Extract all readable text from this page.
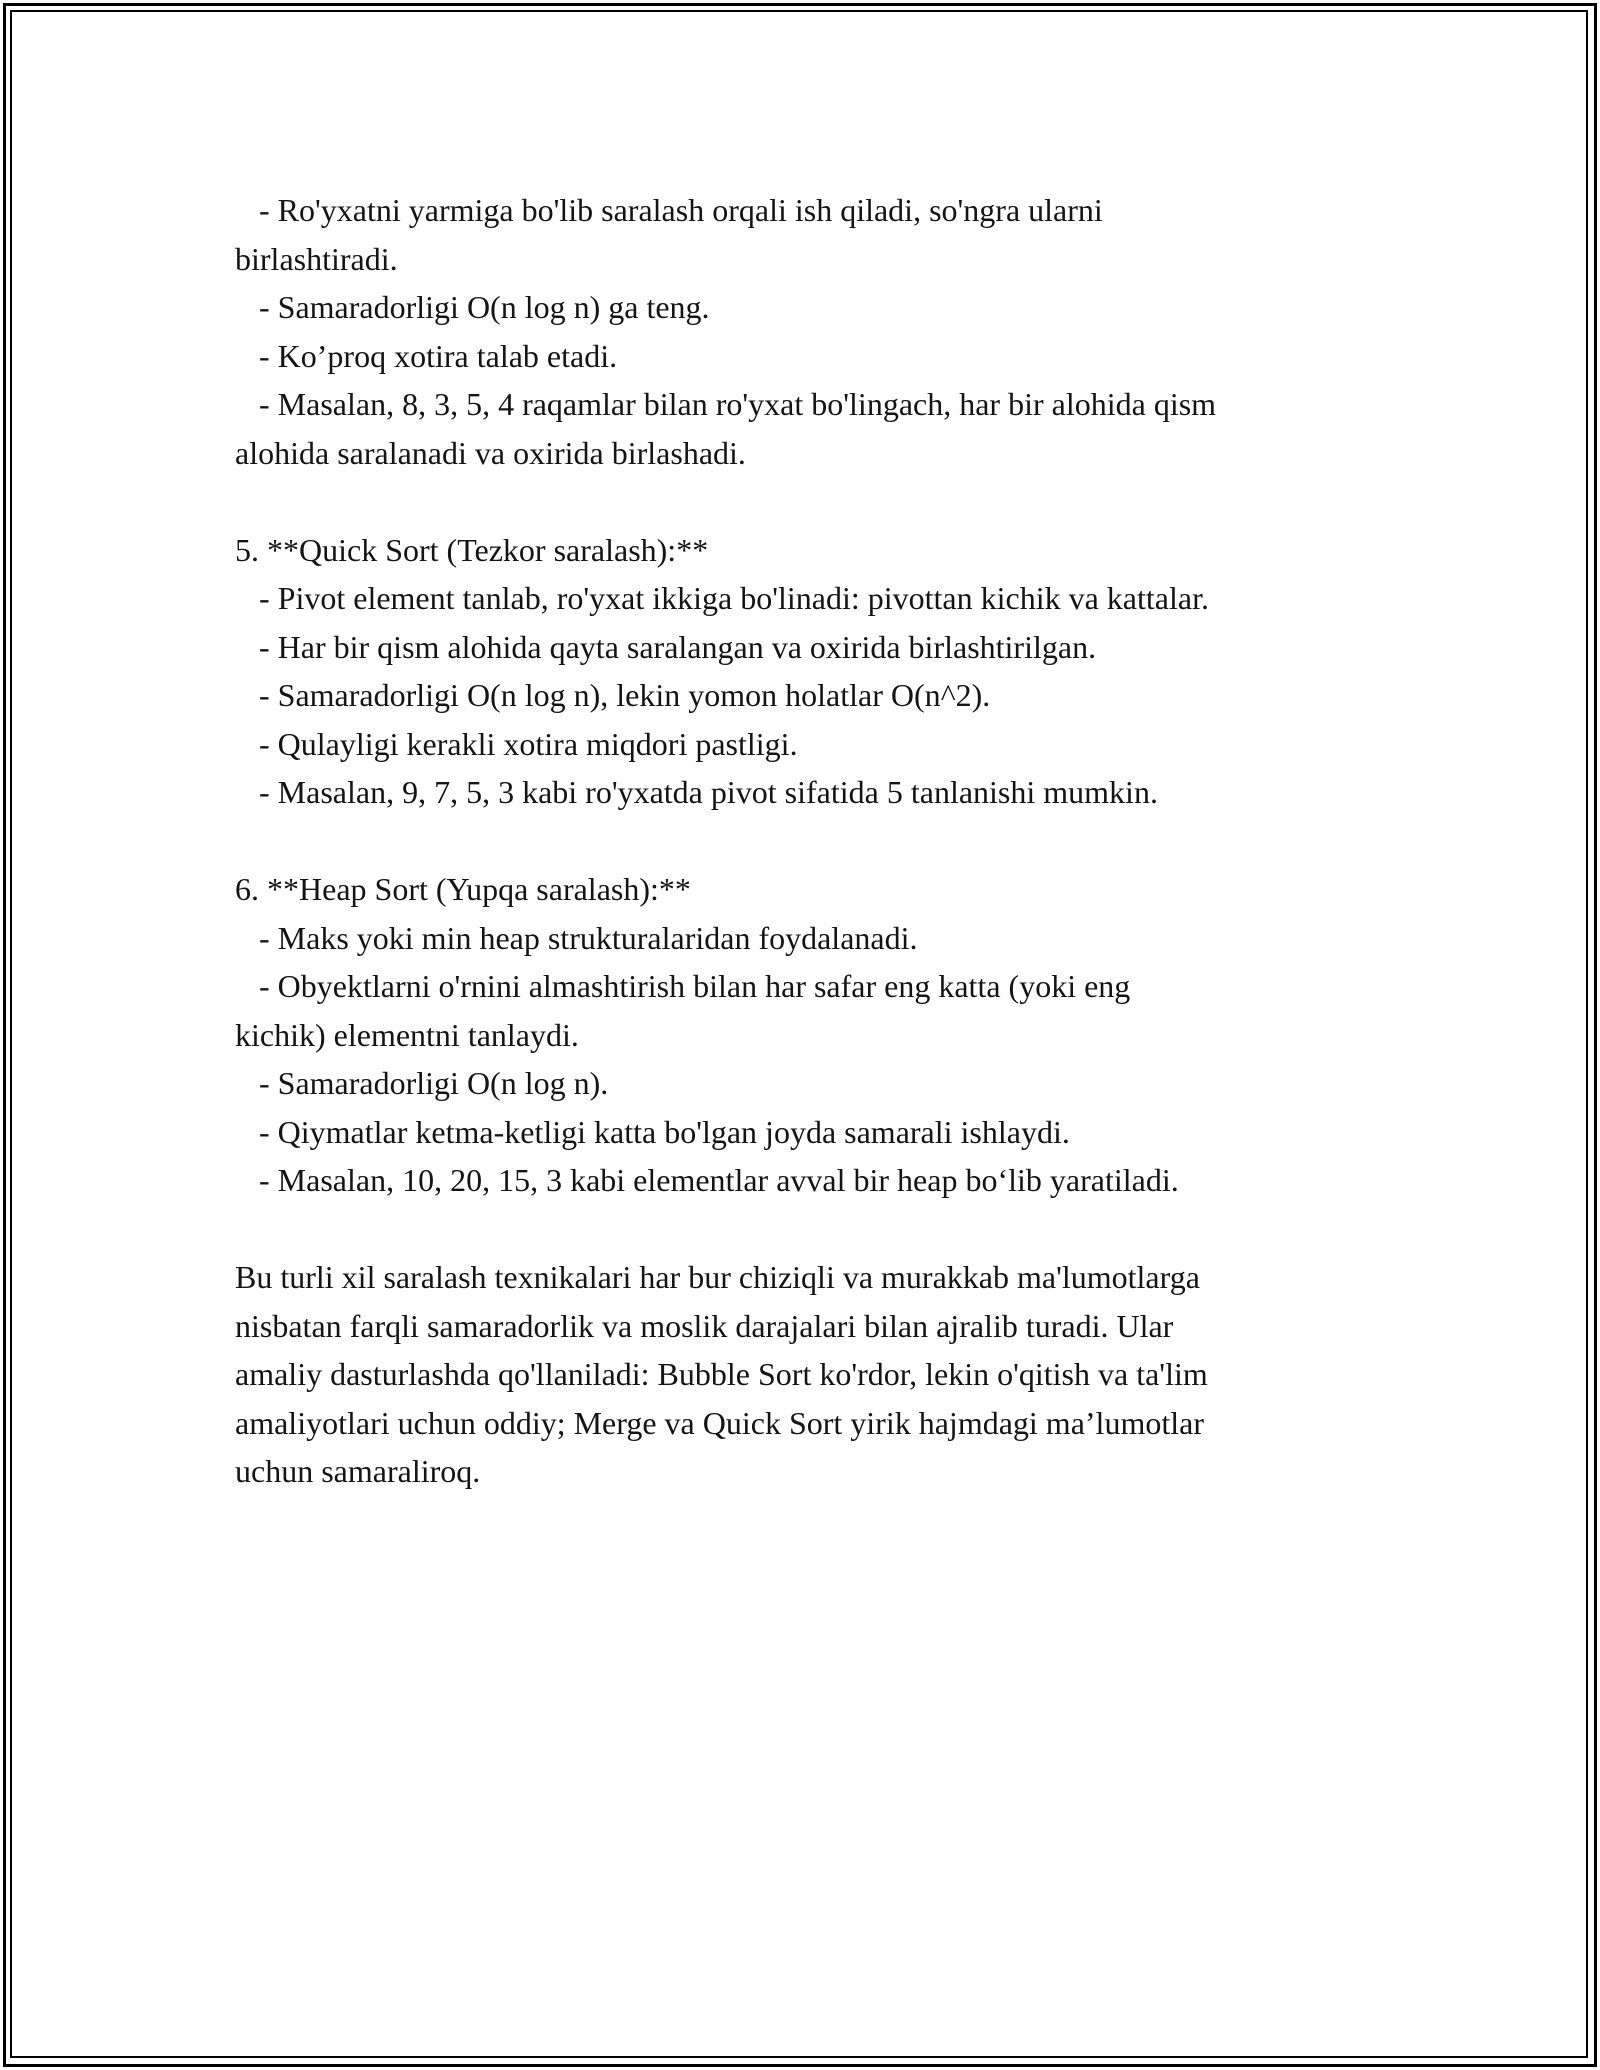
- Ro'yxatni yarmiga bo'lib saralash orqali ish qiladi, so'ngra ularni
birlashtiradi.
- Samaradorligi O(n log n) ga teng.
- Ko’proq xotira talab etadi.
- Masalan, 8, 3, 5, 4 raqamlar bilan ro'yxat bo'lingach, har bir alohida qism
alohida saralanadi va oxirida birlashadi.
5. **Quick Sort (Tezkor saralash):**
- Pivot element tanlab, ro'yxat ikkiga bo'linadi: pivottan kichik va kattalar.
- Har bir qism alohida qayta saralangan va oxirida birlashtirilgan.
- Samaradorligi O(n log n), lekin yomon holatlar O(n^2).
- Qulayligi kerakli xotira miqdori pastligi.
- Masalan, 9, 7, 5, 3 kabi ro'yxatda pivot sifatida 5 tanlanishi mumkin.
6. **Heap Sort (Yupqa saralash):**
- Maks yoki min heap strukturalaridan foydalanadi.
- Obyektlarni o'rnini almashtirish bilan har safar eng katta (yoki eng
kichik) elementni tanlaydi.
- Samaradorligi O(n log n).
- Qiymatlar ketma-ketligi katta bo'lgan joyda samarali ishlaydi.
- Masalan, 10, 20, 15, 3 kabi elementlar avval bir heap bo‘lib yaratiladi.
Bu turli xil saralash texnikalari har bur chiziqli va murakkab ma'lumotlarga
nisbatan farqli samaradorlik va moslik darajalari bilan ajralib turadi. Ular
amaliy dasturlashda qo'llaniladi: Bubble Sort ko'rdor, lekin o'qitish va ta'lim
amaliyotlari uchun oddiy; Merge va Quick Sort yirik hajmdagi ma’lumotlar
uchun samaraliroq.
